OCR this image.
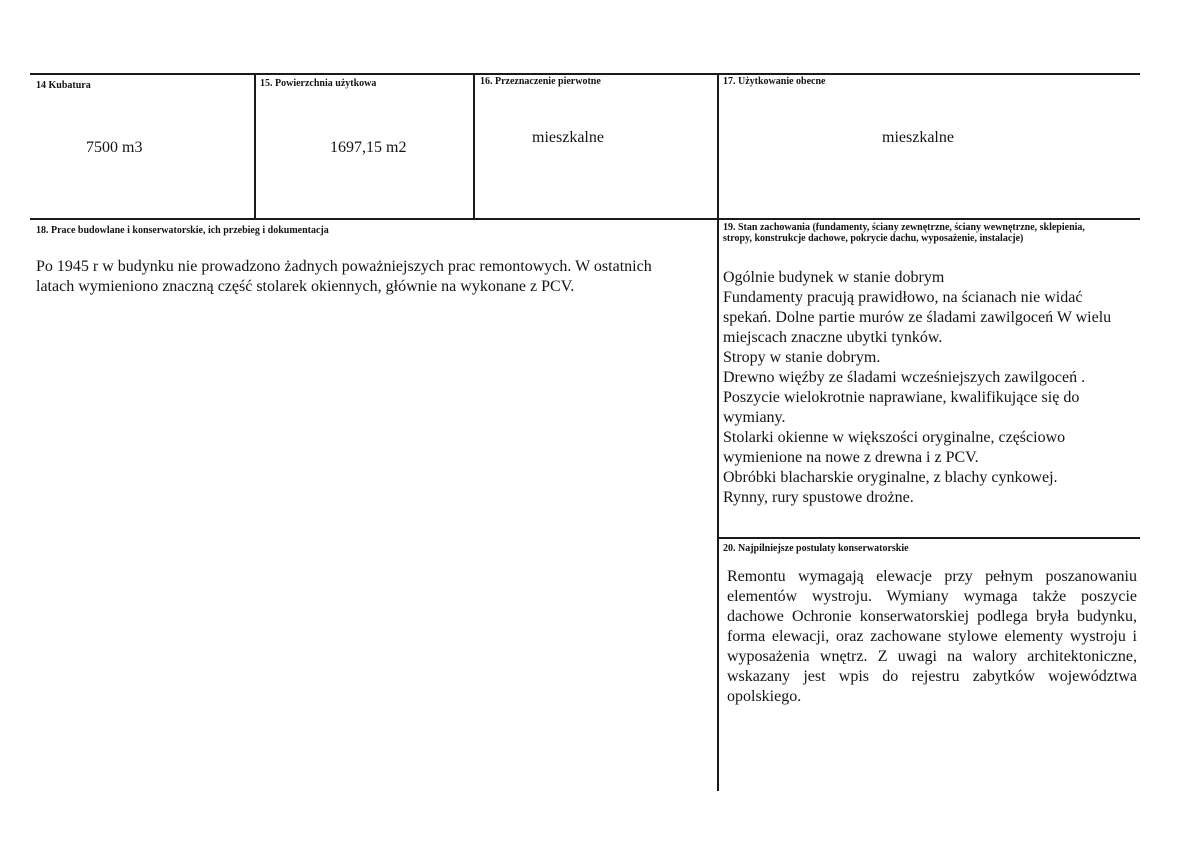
14 Kubatura
7500 m3
15. Powierzchnia użytkowa
1697,15 m2
16. Przeznaczenie pierwotne
mieszkalne
17. Użytkowanie obecne
mieszkalne
18. Prace budowlane i konserwatorskie, ich przebieg i dokumentacja
Po 1945 r w budynku nie prowadzono żadnych poważniejszych prac remontowych. W ostatnich
latach wymieniono znaczną część stolarek okiennych, głównie na wykonane z PCV.
19. Stan zachowania (fundamenty, ściany zewnętrzne, ściany wewnętrzne, sklepienia,
stropy, konstrukcje dachowe, pokrycie dachu, wyposażenie, instalacje)
Ogólnie budynek w stanie dobrym
Fundamenty pracują prawidłowo, na ścianach nie widać
spekań. Dolne partie murów ze śladami zawilgoceń W wielu
miejscach znaczne ubytki tynków.
Stropy w stanie dobrym.
Drewno więźby ze śladami wcześniejszych zawilgoceń .
Poszycie wielokrotnie naprawiane, kwalifikujące się do
wymiany.
Stolarki okienne w większości oryginalne, częściowo
wymienione na nowe z drewna i z PCV.
Obróbki blacharskie oryginalne, z blachy cynkowej.
Rynny, rury spustowe drożne.
20. Najpilniejsze postulaty konserwatorskie
Remontu wymagają elewacje przy pełnym poszanowaniu
elementów wystroju. Wymiany wymaga także poszycie
dachowe Ochronie konserwatorskiej podlega bryła budynku,
forma elewacji, oraz zachowane stylowe elementy wystroju i
wyposażenia wnętrz. Z uwagi na walory architektoniczne,
wskazany jest wpis do rejestru zabytków województwa
opolskiego.
